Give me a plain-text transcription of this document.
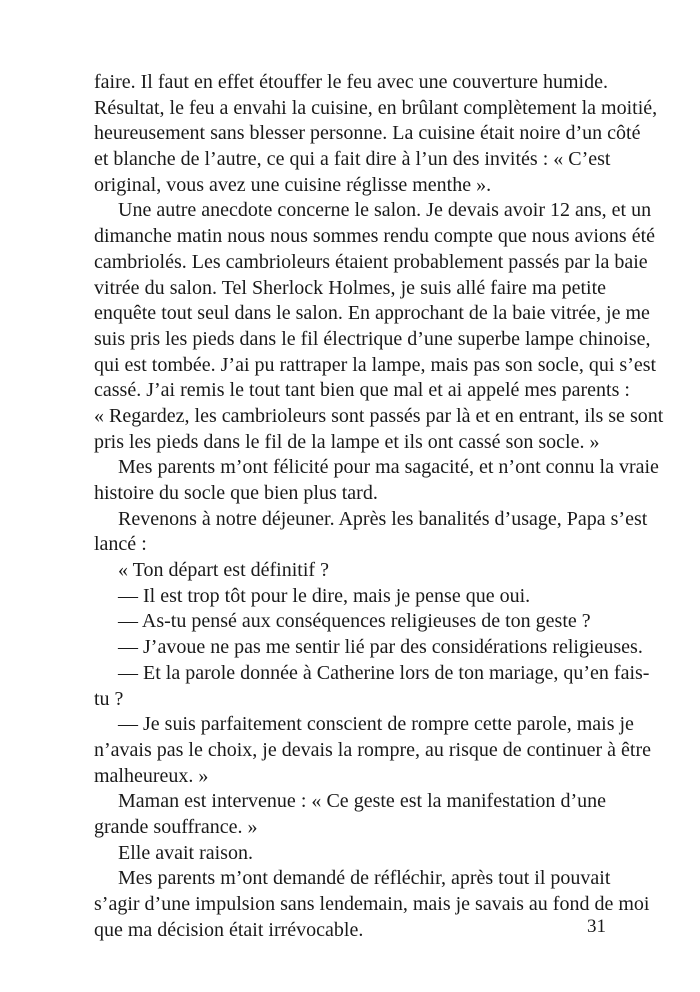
faire. Il faut en effet étouffer le feu avec une couverture humide.
Résultat, le feu a envahi la cuisine, en brûlant complètement la moitié,
heureusement sans blesser personne. La cuisine était noire d’un côté
et blanche de l’autre, ce qui a fait dire à l’un des invités : « C’est
original, vous avez une cuisine réglisse menthe ».
Une autre anecdote concerne le salon. Je devais avoir 12 ans, et un
dimanche matin nous nous sommes rendu compte que nous avions été
cambriolés. Les cambrioleurs étaient probablement passés par la baie
vitrée du salon. Tel Sherlock Holmes, je suis allé faire ma petite
enquête tout seul dans le salon. En approchant de la baie vitrée, je me
suis pris les pieds dans le fil électrique d’une superbe lampe chinoise,
qui est tombée. J’ai pu rattraper la lampe, mais pas son socle, qui s’est
cassé. J’ai remis le tout tant bien que mal et ai appelé mes parents :
« Regardez, les cambrioleurs sont passés par là et en entrant, ils se sont
pris les pieds dans le fil de la lampe et ils ont cassé son socle. »
Mes parents m’ont félicité pour ma sagacité, et n’ont connu la vraie
histoire du socle que bien plus tard.
Revenons à notre déjeuner. Après les banalités d’usage, Papa s’est
lancé :
« Ton départ est définitif ?
— Il est trop tôt pour le dire, mais je pense que oui.
— As-tu pensé aux conséquences religieuses de ton geste ?
— J’avoue ne pas me sentir lié par des considérations religieuses.
— Et la parole donnée à Catherine lors de ton mariage, qu’en fais-
tu ?
— Je suis parfaitement conscient de rompre cette parole, mais je
n’avais pas le choix, je devais la rompre, au risque de continuer à être
malheureux. »
Maman est intervenue : « Ce geste est la manifestation d’une
grande souffrance. »
Elle avait raison.
Mes parents m’ont demandé de réfléchir, après tout il pouvait
s’agir d’une impulsion sans lendemain, mais je savais au fond de moi
que ma décision était irrévocable.	31
